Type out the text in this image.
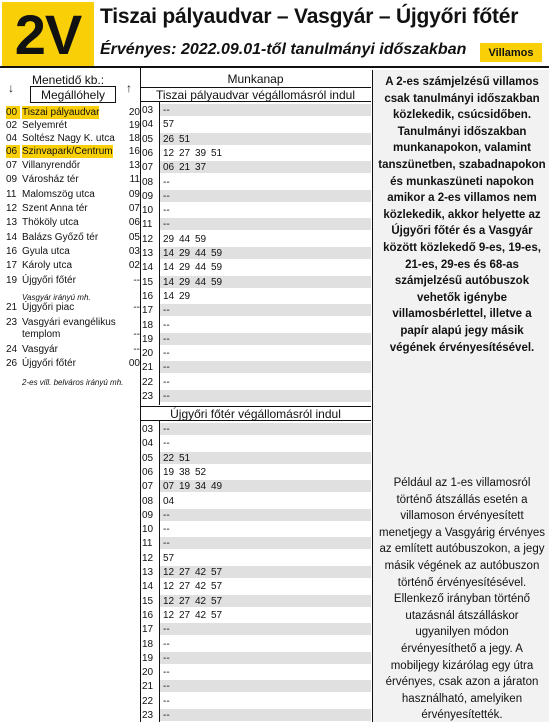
2V Tiszai pályaudvar – Vasgyár – Újgyőri főtér
Érvényes: 2022.09.01-től tanulmányi időszakban	Villamos
Menetidő kb.:
Megállóhely
↓	↑
00 Tiszai pályaudvar	20
02 Selyemrét	19
04 Soltész Nagy K. utca 18
06 Szinvapark/Centrum 16
07 Villanyrendőr	13
09 Városház tér	11
11 Malomszög utca	09
12 Szent Anna tér	07
13 Thököly utca	06
14 Balázs Győző tér	05
16 Gyula utca	03
17 Károly utca	02
19 Újgyőri főtér	--
21 Újgyőri piac	--
23 Vasgyári evangélikus
templom	--
24 Vasgyár	--
26 Újgyőri főtér	00
Vasgyár irányú mh.
2-es vill. belváros irányú mh.
Munkanap
Tiszai pályaudvar végállomásról indul
03 --
04 57
05 26 51
06 12 27 39 51
07 06 21 37
08 --
09 --
10 --
11	--
12 29 44 59
13 14 29 44 59
14 14 29 44 59
15 14 29 44 59
16 14 29
17 --
18 --
19 --
20 --
21 --
22 --
23 --
Újgyőri főtér végállomásról indul
03 --
04 --
05 22 51
06 19 38 52
07 07 19 34 49
08 04
09 --
10 --
11	--
12 57
13 12 27 42 57
14 12 27 42 57
15 12 27 42 57
16 12 27 42 57
17 --
18 --
19 --
20 --
21 --
22 --
23 --
A 2-es számjelzésű villamos csak tanulmányi időszakban közlekedik, csúcsidőben. Tanulmányi időszakban munkanapokon, valamint tanszünetben, szabadnapokon és munkaszüneti napokon amikor a 2-es villamos nem közlekedik, akkor helyette az Újgyőri főtér és a Vasgyár között közlekedő 9-es, 19-es, 21-es, 29-es és 68-as számjelzésű autóbuszok vehetők igénybe villamosbérlettel, illetve a papír alapú jegy másik végének érvényesítésével.
Például az 1-es villamosról történő átszállás esetén a villamoson érvényesített menetjegy a Vasgyárig érvényes az említett autóbuszokon, a jegy másik végének az autóbuszon történő érvényesítésével. Ellenkező irányban történő utazásnál átszálláskor ugyanilyen módon érvényesíthető a jegy. A mobiljegy kizárólag egy útra érvényes, csak azon a járaton használható, amelyiken érvényesítették.
